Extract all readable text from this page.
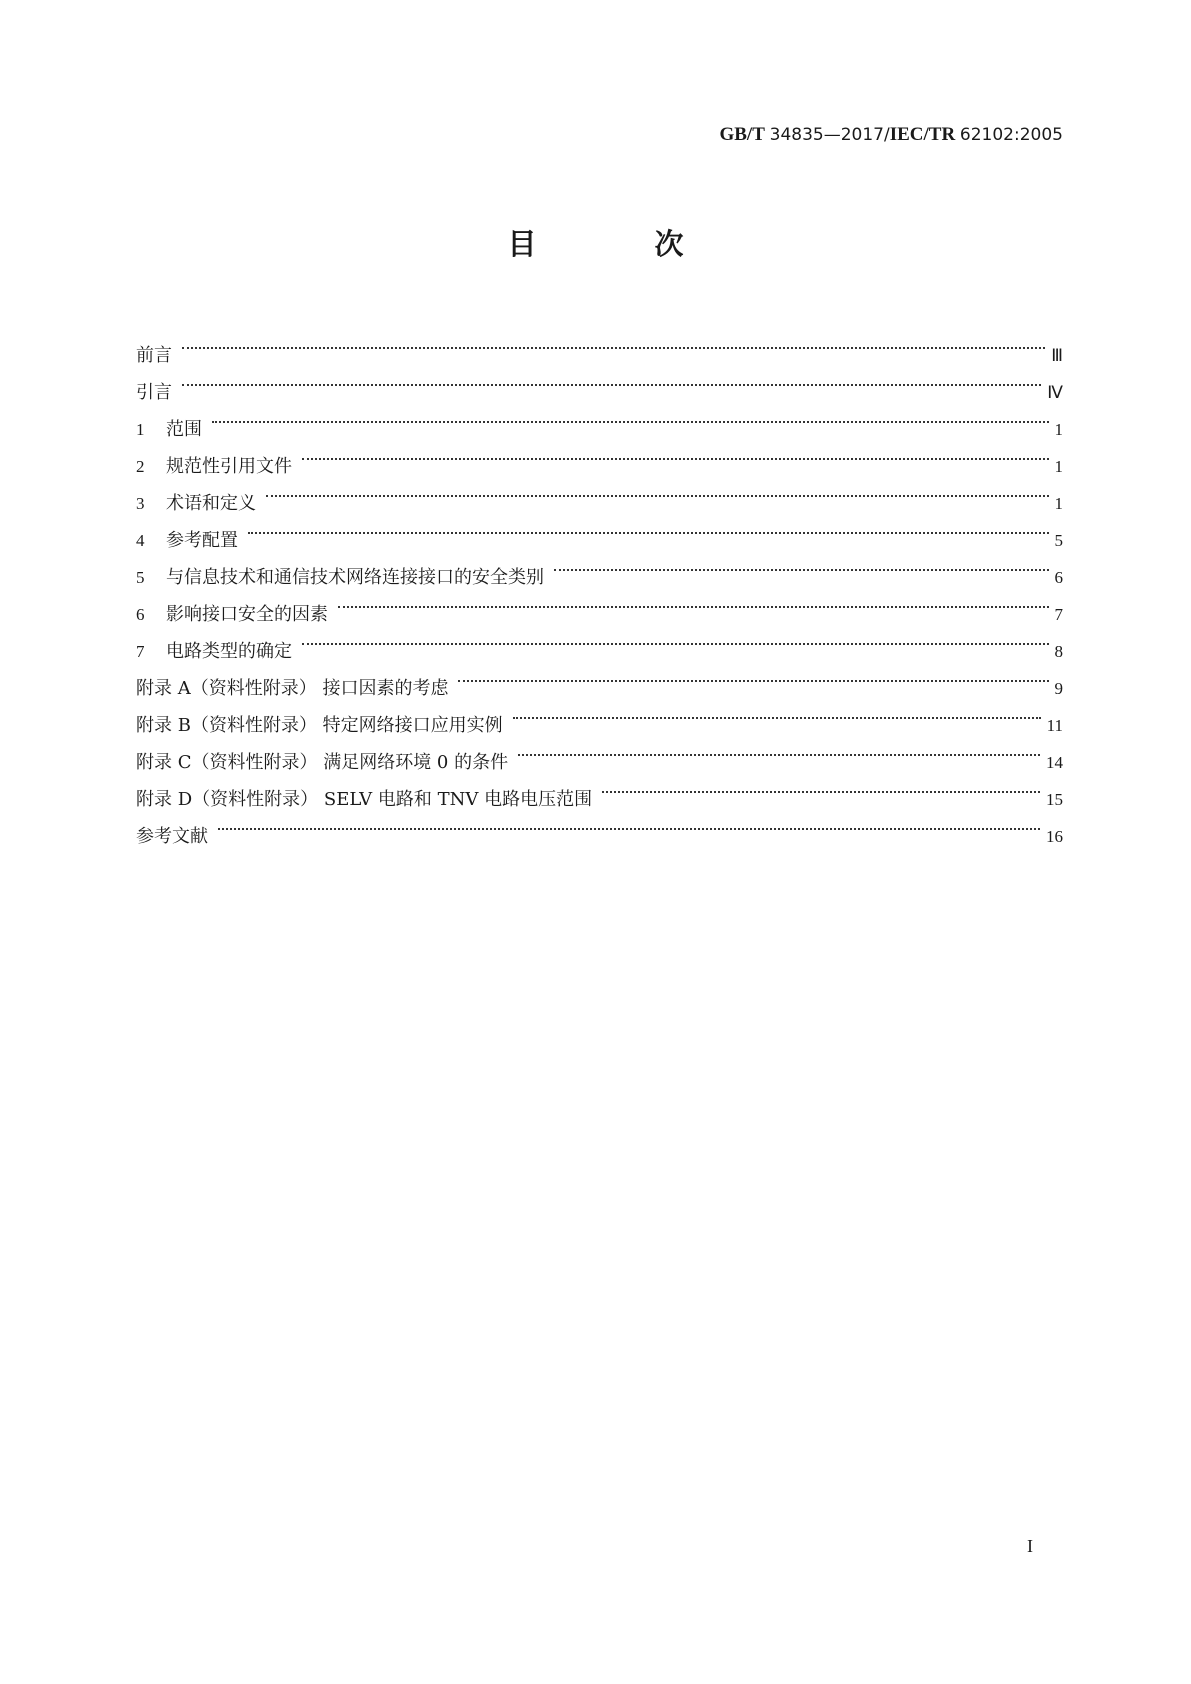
GB/T 34835—2017/IEC/TR 62102:2005
目 次
前言	Ⅲ
引言	Ⅳ
1	范围	1
2	规范性引用文件	1
3	术语和定义	1
4	参考配置	5
5	与信息技术和通信技术网络连接接口的安全类别	6
6	影响接口安全的因素	7
7	电路类型的确定	8
附录 A（资料性附录） 接口因素的考虑	9
附录 B（资料性附录） 特定网络接口应用实例	11
附录 C（资料性附录） 满足网络环境 0 的条件	14
附录 D（资料性附录） SELV 电路和 TNV 电路电压范围	15
参考文献	16
I
